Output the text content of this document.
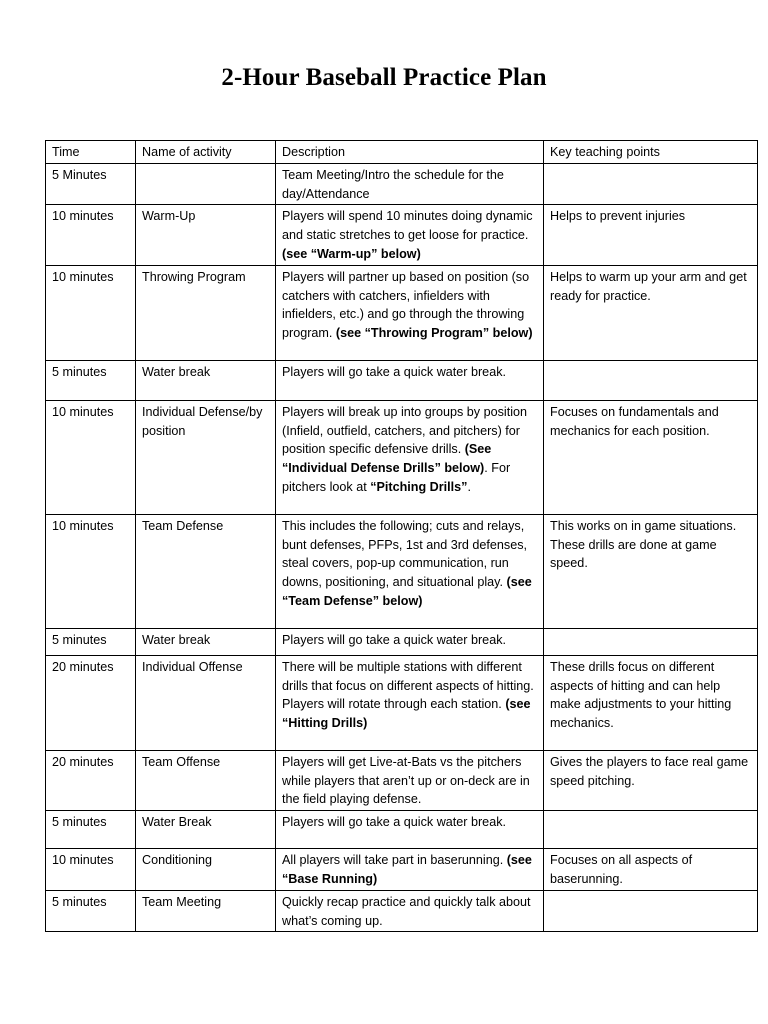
2-Hour Baseball Practice Plan
Time	Name of activity	Description	Key teaching points
5 Minutes		Team Meeting/Intro the schedule for the day/Attendance	
10 minutes	Warm-Up	Players will spend 10 minutes doing dynamic and static stretches to get loose for practice. (see “Warm-up” below)	Helps to prevent injuries
10 minutes	Throwing Program	Players will partner up based on position (so catchers with catchers, infielders with infielders, etc.) and go through the throwing program. (see “Throwing Program” below)	Helps to warm up your arm and get ready for practice.
5 minutes	Water break	Players will go take a quick water break.	
10 minutes	Individual Defense/by position	Players will break up into groups by position (Infield, outfield, catchers, and pitchers) for position specific defensive drills. (See “Individual Defense Drills” below). For pitchers look at “Pitching Drills”.	Focuses on fundamentals and mechanics for each position.
10 minutes	Team Defense	This includes the following; cuts and relays, bunt defenses, PFPs, 1st and 3rd defenses, steal covers, pop-up communication, run downs, positioning, and situational play. (see “Team Defense” below)	This works on in game situations. These drills are done at game speed.
5 minutes	Water break	Players will go take a quick water break.	
20 minutes	Individual Offense	There will be multiple stations with different drills that focus on different aspects of hitting. Players will rotate through each station. (see “Hitting Drills)	These drills focus on different aspects of hitting and can help make adjustments to your hitting mechanics.
20 minutes	Team Offense	Players will get Live-at-Bats vs the pitchers while players that aren’t up or on-deck are in the field playing defense.	Gives the players to face real game speed pitching.
5 minutes	Water Break	Players will go take a quick water break.	
10 minutes	Conditioning	All players will take part in baserunning. (see “Base Running)	Focuses on all aspects of baserunning.
5 minutes	Team Meeting	Quickly recap practice and quickly talk about what’s coming up.	
